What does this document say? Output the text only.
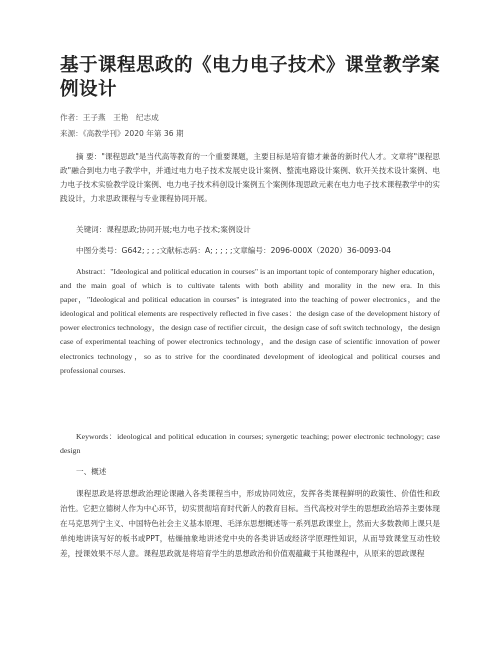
基于课程思政的《电力电子技术》课堂教学案例设计
作者：王子燕　王艳　纪志成
来源：《高教学刊》2020 年第 36 期

摘 要："课程思政"是当代高等教育的一个重要课题，主要目标是培育德才兼备的新时代人才。文章将"课程思政"融合到电力电子教学中，并通过电力电子技术发展史设计案例、整流电路设计案例、软开关技术设计案例、电力电子技术实验教学设计案例、电力电子技术科创设计案例五个案例体现思政元素在电力电子技术课程教学中的实践设计，力求思政课程与专业课程协同开展。

关键词：课程思政;协同开展;电力电子技术;案例设计
中图分类号：G642; ; ; ;文献标志码：A; ; ; ; ;文章编号：2096-000X（2020）36-0093-04

Abstract："Ideological and political education in courses" is an important topic of contemporary higher education，and the main goal of which is to cultivate talents with both ability and morality in the new era. In this paper，"Ideological and political education in courses" is integrated into the teaching of power electronics，and the ideological and political elements are respectively reflected in five cases：the design case of the development history of power electronics technology，the design case of rectifier circuit，the design case of soft switch technology，the design case of experimental teaching of power electronics technology，and the design case of scientific innovation of power electronics technology，so as to strive for the coordinated development of ideological and political courses and professional courses.

Keywords：ideological and political education in courses; synergetic teaching; power electronic technology; case design

一、概述

课程思政是将思想政治理论课融入各类课程当中，形成协同效应，发挥各类课程鲜明的政策性、价值性和政治性。它把立德树人作为中心环节，切实贯彻培育时代新人的教育目标。当代高校对学生的思想政治培养主要体现在马克思列宁主义、中国特色社会主义基本原理、毛泽东思想概述等一系列思政课堂上，然而大多数教师上课只是单纯地讲读写好的板书或PPT，枯燥抽象地讲述党中央的各类讲话或经济学原理性知识，从而导致课堂互动性较差，授课效果不尽人意。课程思政就是将培育学生的思想政治和价值观蕴藏于其他课程中，从原来的思政课程
